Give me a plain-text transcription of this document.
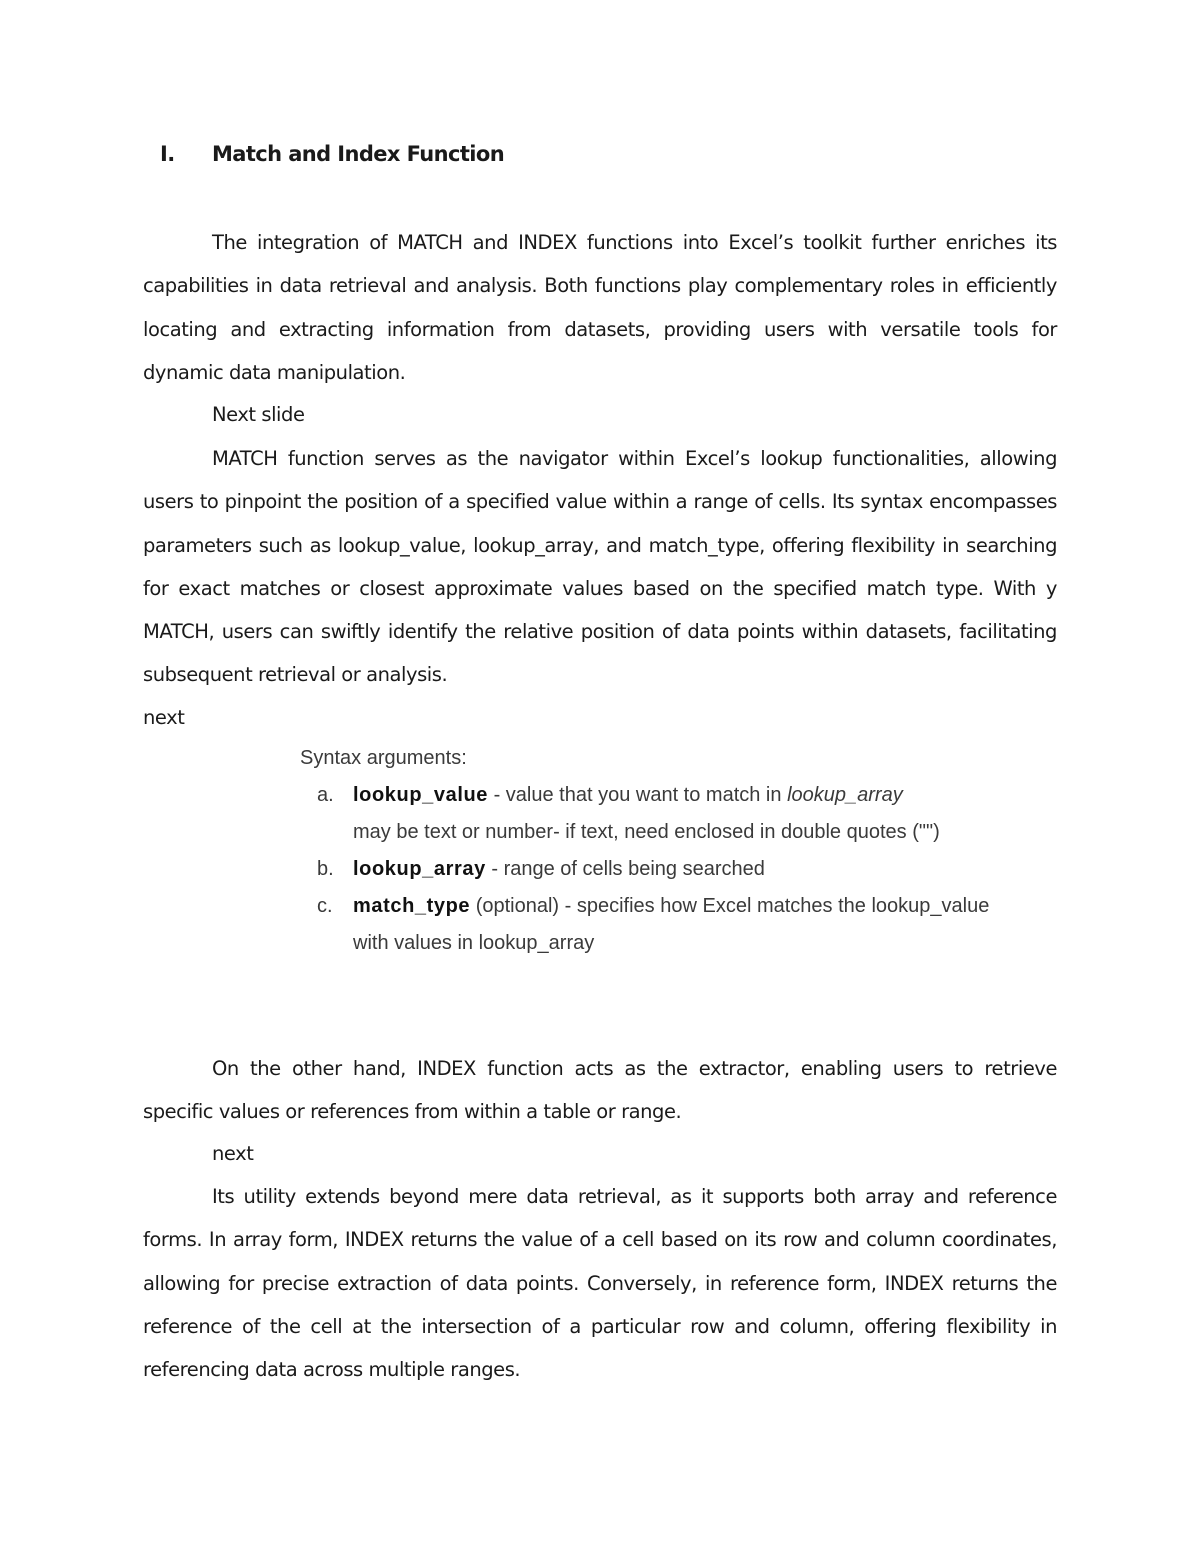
I. Match and Index Function

The integration of MATCH and INDEX functions into Excel’s toolkit further enriches its capabilities in data retrieval and analysis. Both functions play complementary roles in efficiently locating and extracting information from datasets, providing users with versatile tools for dynamic data manipulation.

Next slide

MATCH function serves as the navigator within Excel’s lookup functionalities, allowing users to pinpoint the position of a specified value within a range of cells. Its syntax encompasses parameters such as lookup_value, lookup_array, and match_type, offering flexibility in searching for exact matches or closest approximate values based on the specified match type. With y MATCH, users can swiftly identify the relative position of data points within datasets, facilitating subsequent retrieval or analysis.

next

Syntax arguments:

a. lookup_value - value that you want to match in lookup_array
may be text or number- if text, need enclosed in double quotes ("")
b. lookup_array - range of cells being searched
c. match_type (optional) - specifies how Excel matches the lookup_value
with values in lookup_array

On the other hand, INDEX function acts as the extractor, enabling users to retrieve specific values or references from within a table or range.

next

Its utility extends beyond mere data retrieval, as it supports both array and reference forms. In array form, INDEX returns the value of a cell based on its row and column coordinates, allowing for precise extraction of data points. Conversely, in reference form, INDEX returns the reference of the cell at the intersection of a particular row and column, offering flexibility in referencing data across multiple ranges.
